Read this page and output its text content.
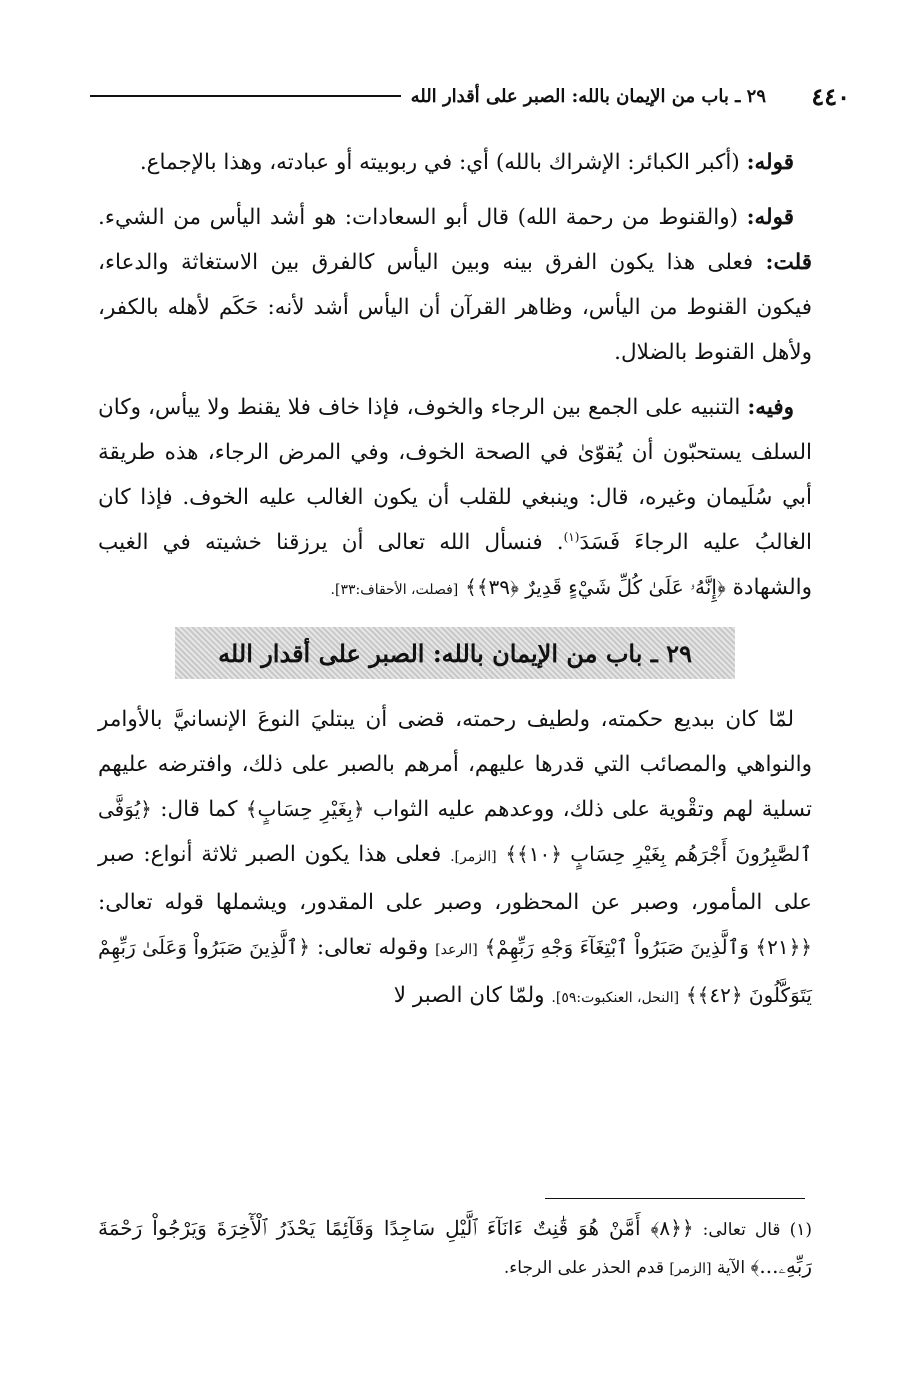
٤٤٠
٢٩ ـ باب من الإيمان بالله: الصبر على أقدار الله

قوله: (أكبر الكبائر: الإشراك بالله) أي: في ربوبيته أو عبادته، وهذا بالإجماع.

قوله: (والقنوط من رحمة الله) قال أبو السعادات: هو أشد اليأس من الشيء. قلت: فعلى هذا يكون الفرق بينه وبين اليأس كالفرق بين الاستغاثة والدعاء، فيكون القنوط من اليأس، وظاهر القرآن أن اليأس أشد لأنه: حَكَم لأهله بالكفر، ولأهل القنوط بالضلال.

وفيه: التنبيه على الجمع بين الرجاء والخوف، فإذا خاف فلا يقنط ولا ييأس، وكان السلف يستحبّون أن يُقوّىٰ في الصحة الخوف، وفي المرض الرجاء، هذه طريقة أبي سُلَيمان وغيره، قال: وينبغي للقلب أن يكون الغالب عليه الخوف. فإذا كان الغالبُ عليه الرجاءَ فَسَدَ$^{(١)}$. فنسأل الله تعالى أن يرزقنا خشيته في الغيب والشهادة ﴿إِنَّهُۥ عَلَىٰ كُلِّ شَيْءٍ قَدِيرٌ ﴿٣٩﴾﴾ [فصلت، الأحقاف:٣٣].

٢٩ ـ باب من الإيمان بالله: الصبر على أقدار الله

لمّا كان ببديع حكمته، ولطيف رحمته، قضى أن يبتليَ النوعَ الإنسانيَّ بالأوامر والنواهي والمصائب التي قدرها عليهم، أمرهم بالصبر على ذلك، وافترضه عليهم تسلية لهم وتقْوية على ذلك، ووعدهم عليه الثواب ﴿بِغَيْرِ حِسَابٍ﴾ كما قال: ﴿يُوَفَّى ٱلصَّٰبِرُونَ أَجْرَهُم بِغَيْرِ حِسَابٍ ﴿١٠﴾﴾ [الزمر]. فعلى هذا يكون الصبر ثلاثة أنواع: صبر على المأمور، وصبر عن المحظور، وصبر على المقدور، ويشملها قوله تعالى: ﴿﴿٢١﴾ وَٱلَّذِينَ صَبَرُواْ ٱبْتِغَآءَ وَجْهِ رَبِّهِمْ﴾ [الرعد] وقوله تعالى: ﴿ٱلَّذِينَ صَبَرُواْ وَعَلَىٰ رَبِّهِمْ يَتَوَكَّلُونَ ﴿٤٢﴾﴾ [النحل، العنكبوت:٥٩]. ولمّا كان الصبر لا

(١) قال تعالى: ﴿﴿٨﴾ أَمَّنْ هُوَ قَٰنِتٌ ءَانَآءَ ٱلَّيْلِ سَاجِدًا وَقَآئِمًا يَحْذَرُ ٱلْأٓخِرَةَ وَيَرْجُواْ رَحْمَةَ رَبِّهِۦ...﴾ الآية [الزمر] قدم الحذر على الرجاء.
